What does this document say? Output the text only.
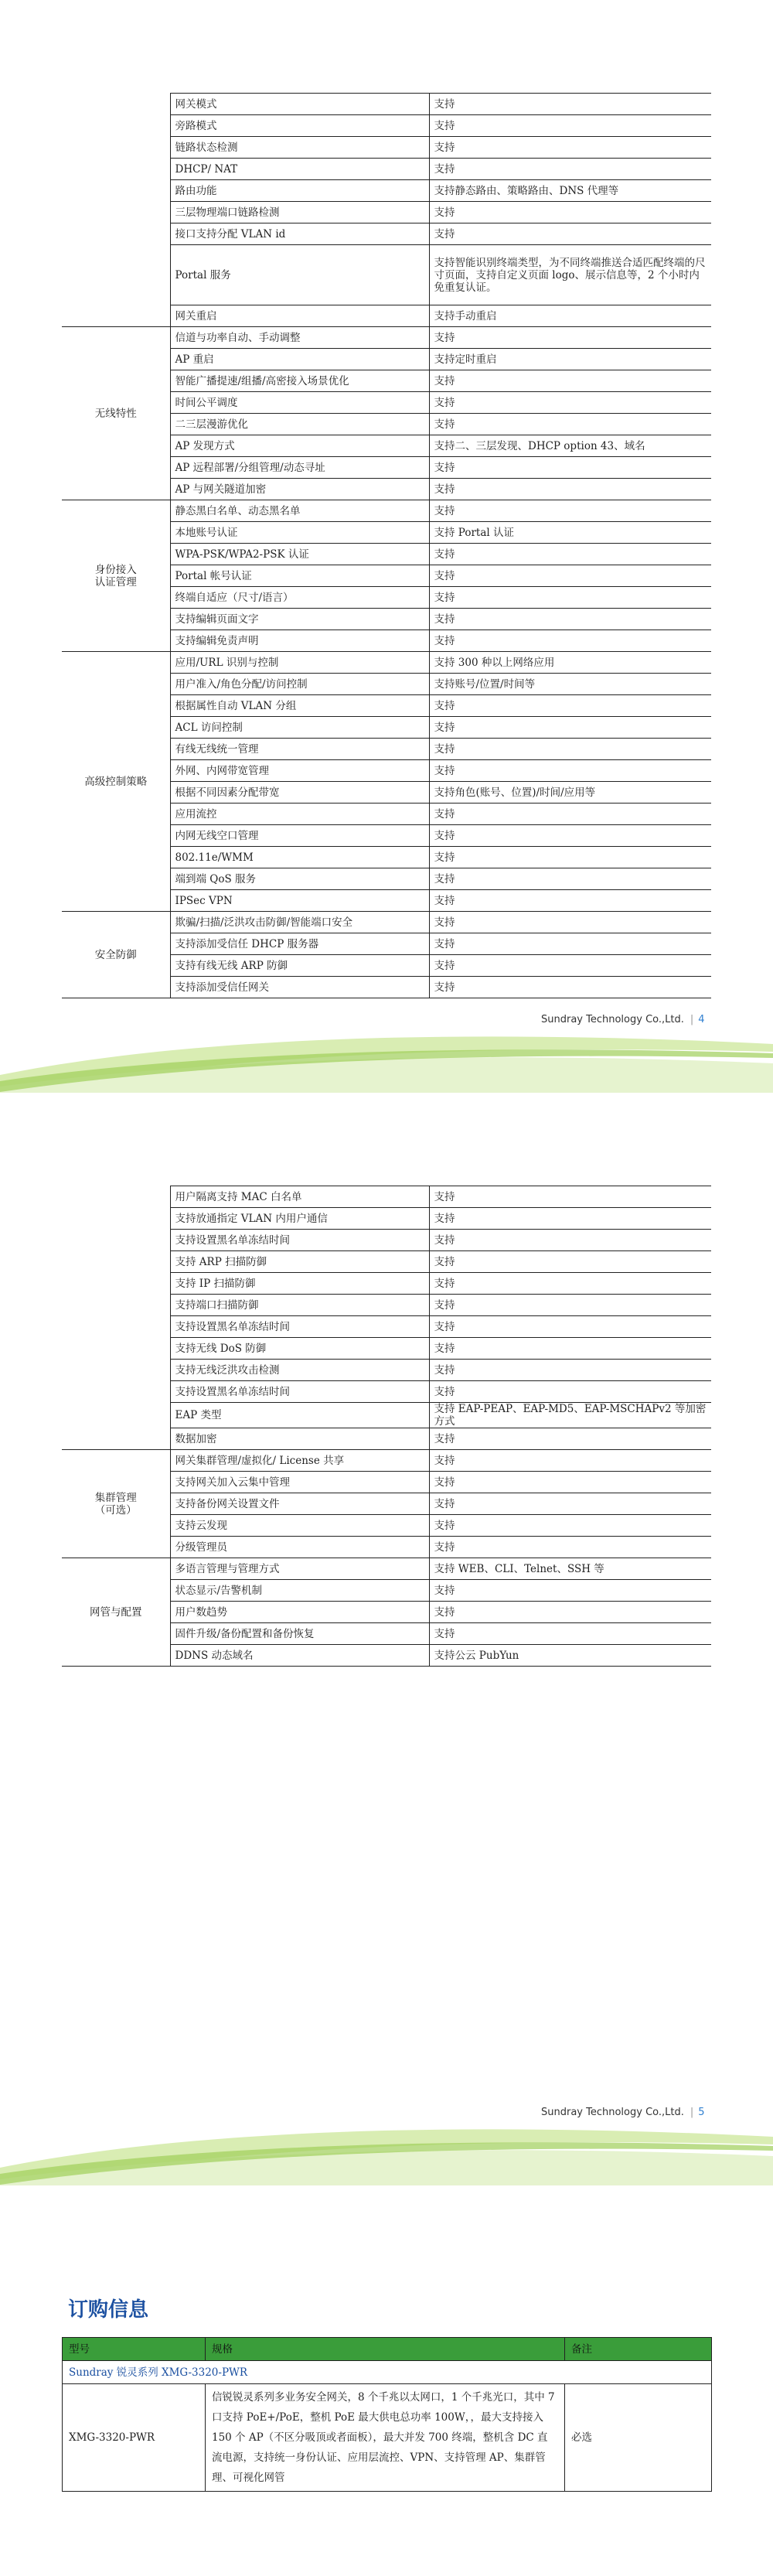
	网关模式	支持
	旁路模式	支持
	链路状态检测	支持
	DHCP/ NAT	支持
	路由功能	支持静态路由、策略路由、DNS 代理等
	三层物理端口链路检测	支持
	接口支持分配 VLAN id	支持
	Portal 服务	支持智能识别终端类型，为不同终端推送合适匹配终端的尺寸页面，支持自定义页面 logo、展示信息等，2 个小时内免重复认证。
	网关重启	支持手动重启
无线特性	信道与功率自动、手动调整	支持
	AP 重启	支持定时重启
	智能广播提速/组播/高密接入场景优化	支持
	时间公平调度	支持
	二三层漫游优化	支持
	AP 发现方式	支持二、三层发现、DHCP option 43、域名
	AP 远程部署/分组管理/动态寻址	支持
	AP 与网关隧道加密	支持

身份接入
认证管理	静态黑白名单、动态黑名单	支持
	本地账号认证	支持 Portal 认证
	WPA-PSK/WPA2-PSK 认证	支持
	Portal 帐号认证	支持
	终端自适应（尺寸/语言）	支持
	支持编辑页面文字	支持
	支持编辑免责声明	支持
高级控制策略	应用/URL 识别与控制	支持 300 种以上网络应用
	用户准入/角色分配/访问控制	支持账号/位置/时间等
	根据属性自动 VLAN 分组	支持
	ACL 访问控制	支持
	有线无线统一管理	支持
	外网、内网带宽管理	支持
	根据不同因素分配带宽	支持角色(账号、位置)/时间/应用等
	应用流控	支持
	内网无线空口管理	支持
	802.11e/WMM	支持
	端到端 QoS 服务	支持
	IPSec VPN	支持
安全防御	欺骗/扫描/泛洪攻击防御/智能端口安全	支持
	支持添加受信任 DHCP 服务器	支持
	支持有线无线 ARP 防御	支持
	支持添加受信任网关	支持
Sundray Technology Co.,Ltd. | 4
	用户隔离支持 MAC 白名单	支持
	支持放通指定 VLAN 内用户通信	支持
	支持设置黑名单冻结时间	支持
	支持 ARP 扫描防御	支持
	支持 IP 扫描防御	支持
	支持端口扫描防御	支持
	支持设置黑名单冻结时间	支持
	支持无线 DoS 防御	支持
	支持无线泛洪攻击检测	支持
	支持设置黑名单冻结时间	支持
	EAP 类型	支持 EAP-PEAP、EAP-MD5、EAP-MSCHAPv2 等加密方式
	数据加密	支持

集群管理
（可选）	网关集群管理/虚拟化/ License 共享	支持
	支持网关加入云集中管理	支持
	支持备份网关设置文件	支持
	支持云发现	支持
	分级管理员	支持
网管与配置	多语言管理与管理方式	支持 WEB、CLI、Telnet、SSH 等
	状态显示/告警机制	支持
	用户数趋势	支持
	固件升级/备份配置和备份恢复	支持
	DDNS 动态域名	支持公云 PubYun
Sundray Technology Co.,Ltd. | 5
订购信息
型号	规格	备注
Sundray 锐灵系列 XMG-3320-PWR		
XMG-3320-PWR	信锐锐灵系列多业务安全网关，8 个千兆以太网口，1 个千兆光口，其中 7 口支持 PoE+/PoE，整机 PoE 最大供电总功率 100W，，最大支持接入 150 个 AP（不区分吸顶或者面板），最大并发 700 终端，整机含 DC 直流电源，支持统一身份认证、应用层流控、VPN、支持管理 AP、集群管理、可视化网管	必选
